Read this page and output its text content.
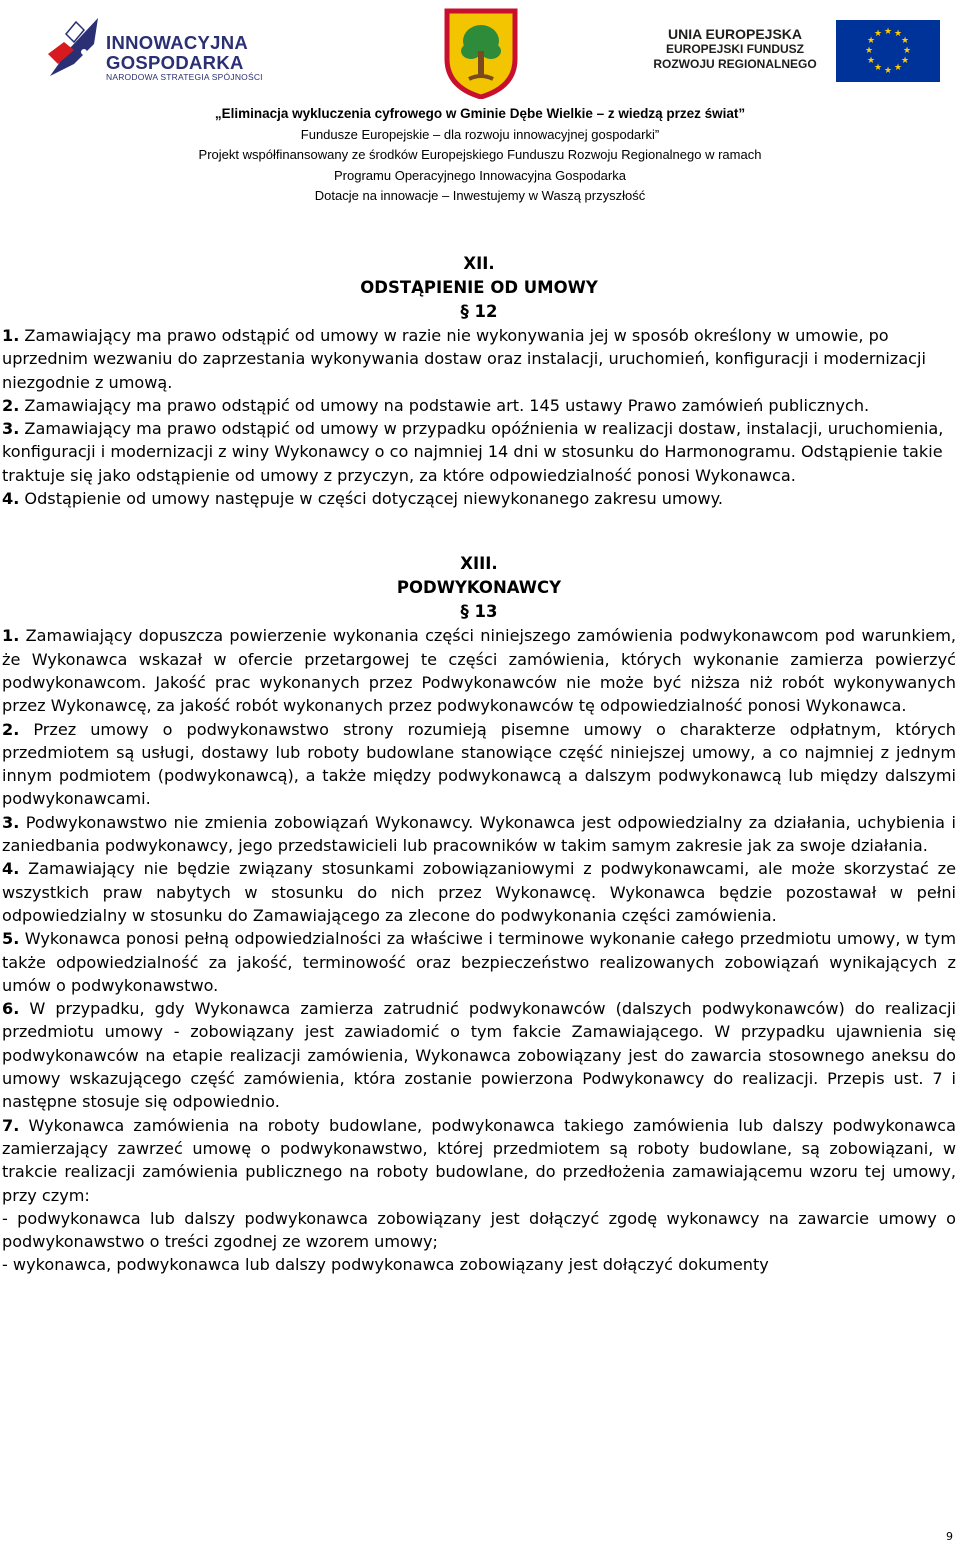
INNOWACYJNA
GOSPODARKA
NARODOWA STRATEGIA SPÓJNOŚCI
UNIA EUROPEJSKA
EUROPEJSKI FUNDUSZ
ROZWOJU REGIONALNEGO
★ ★
★
★
★
★
★
★
★
★
★
★
„Eliminacja wykluczenia cyfrowego w Gminie Dębe Wielkie – z wiedzą przez świat”
Fundusze Europejskie – dla rozwoju innowacyjnej gospodarki”
Projekt współfinansowany ze środków Europejskiego Funduszu Rozwoju Regionalnego w ramach
Programu Operacyjnego Innowacyjna Gospodarka
Dotacje na innowacje – Inwestujemy w Waszą przyszłość
XII.
ODSTĄPIENIE OD UMOWY
§ 12

1. Zamawiający ma prawo odstąpić od umowy w razie nie wykonywania jej w sposób określony w umowie, po uprzednim wezwaniu do zaprzestania wykonywania dostaw oraz instalacji, uruchomień, konfiguracji i modernizacji niezgodnie z umową.

2. Zamawiający ma prawo odstąpić od umowy na podstawie art. 145 ustawy Prawo zamówień publicznych.

3. Zamawiający ma prawo odstąpić od umowy w przypadku opóźnienia w realizacji dostaw, instalacji, uruchomienia, konfiguracji i modernizacji z winy Wykonawcy o co najmniej 14 dni w stosunku do Harmonogramu. Odstąpienie takie traktuje się jako odstąpienie od umowy z przyczyn, za które odpowiedzialność ponosi Wykonawca.

4. Odstąpienie od umowy następuje w części dotyczącej niewykonanego zakresu umowy.

XIII.
PODWYKONAWCY
§ 13

1. Zamawiający dopuszcza powierzenie wykonania części niniejszego zamówienia podwykonawcom pod warunkiem, że Wykonawca wskazał w ofercie przetargowej te części zamówienia, których wykonanie zamierza powierzyć podwykonawcom. Jakość prac wykonanych przez Podwykonawców nie może być niższa niż robót wykonywanych przez Wykonawcę, za jakość robót wykonanych przez podwykonawców tę odpowiedzialność ponosi Wykonawca.

2. Przez umowy o podwykonawstwo strony rozumieją pisemne umowy o charakterze odpłatnym, których przedmiotem są usługi, dostawy lub roboty budowlane stanowiące część niniejszej umowy, a co najmniej z jednym innym podmiotem (podwykonawcą), a także między podwykonawcą a dalszym podwykonawcą lub między dalszymi podwykonawcami.

3. Podwykonawstwo nie zmienia zobowiązań Wykonawcy. Wykonawca jest odpowiedzialny za działania, uchybienia i zaniedbania podwykonawcy, jego przedstawicieli lub pracowników w takim samym zakresie jak za swoje działania.

4. Zamawiający nie będzie związany stosunkami zobowiązaniowymi z podwykonawcami, ale może skorzystać ze wszystkich praw nabytych w stosunku do nich przez Wykonawcę. Wykonawca będzie pozostawał w pełni odpowiedzialny w stosunku do Zamawiającego za zlecone do podwykonania części zamówienia.

5. Wykonawca ponosi pełną odpowiedzialności za właściwe i terminowe wykonanie całego przedmiotu umowy, w tym także odpowiedzialność za jakość, terminowość oraz bezpieczeństwo realizowanych zobowiązań wynikających z umów o podwykonawstwo.

6. W przypadku, gdy Wykonawca zamierza zatrudnić podwykonawców (dalszych podwykonawców) do realizacji przedmiotu umowy - zobowiązany jest zawiadomić o tym fakcie Zamawiającego. W przypadku ujawnienia się podwykonawców na etapie realizacji zamówienia, Wykonawca zobowiązany jest do zawarcia stosownego aneksu do umowy wskazującego część zamówienia, która zostanie powierzona Podwykonawcy do realizacji. Przepis ust. 7 i następne stosuje się odpowiednio.

7. Wykonawca zamówienia na roboty budowlane, podwykonawca takiego zamówienia lub dalszy podwykonawca zamierzający zawrzeć umowę o podwykonawstwo, której przedmiotem są roboty budowlane, są zobowiązani, w trakcie realizacji zamówienia publicznego na roboty budowlane, do przedłożenia zamawiającemu wzoru tej umowy, przy czym:

- podwykonawca lub dalszy podwykonawca zobowiązany jest dołączyć zgodę wykonawcy na zawarcie umowy o podwykonawstwo o treści zgodnej ze wzorem umowy;

- wykonawca, podwykonawca lub dalszy podwykonawca zobowiązany jest dołączyć dokumenty

9
